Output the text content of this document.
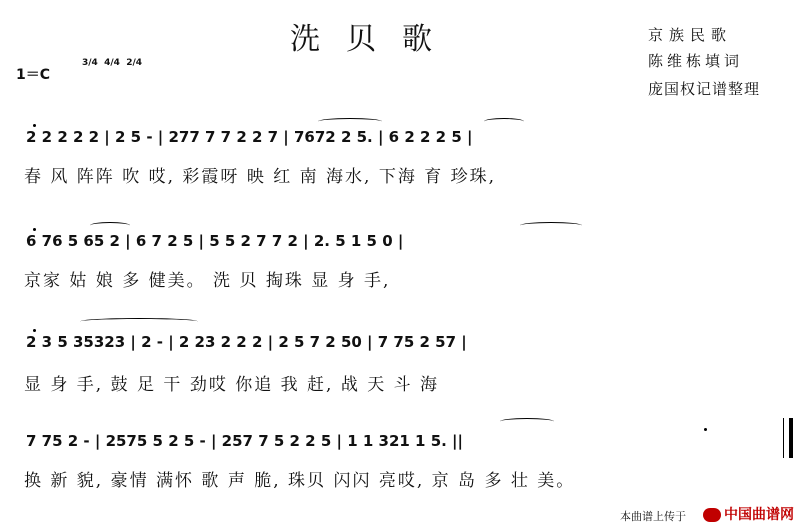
洗贝歌	京族民歌
陈维栋填词
庞国权记谱整理
1＝C
3/4 4/4 2/4
2 2 2 2 2 | 2 5 - | 277 7 7 2 2 7 | 7672 2 5. | 6 2 2 2 5 |
春 风 阵阵 吹 哎, 彩霞呀 映 红 南 海水, 下海 育 珍珠,
6 76 5 65 2 | 6 7 2 5 | 5 5 2 7 7 2 | 2. 5 1 5 0 |
京家 姑 娘 多 健美。 洗 贝 掏珠 显 身 手,
2 3 5 35323 | 2 - | 2 23 2 2 2 | 2 5 7 2 50 | 7 75 2 57 |
显 身 手, 鼓 足 干 劲哎 你追 我 赶, 战 天 斗 海
7 75 2 - | 2575 5 2 5 - | 257 7 5 2 2 5 | 1 1 321 1 5. ||
换 新 貌, 豪情 满怀 歌 声 脆, 珠贝 闪闪 亮哎, 京 岛 多 壮 美。
本曲谱上传于	中国曲谱网
